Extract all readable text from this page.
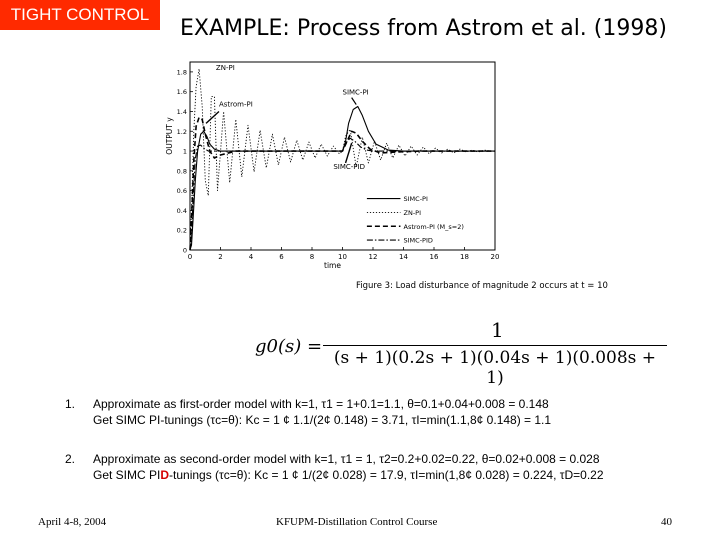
TIGHT CONTROL
EXAMPLE: Process from Astrom et al. (1998)
0	2	4	6	8	10	12	14	16	18	20
0
0.2
0.4
0.6
0.8
1
1.2
1.4
1.6
1.8
time
OUTPUT y
ZN-PI
Astrom-PI
SIMC-PI
SIMC-PID
SIMC-PI
ZN-PI
Astrom-PI (M_s=2)
SIMC-PID
Figure 3: Load disturbance of magnitude 2 occurs at t = 10
g0(s) =
1
(s + 1)(0.2s + 1)(0.04s + 1)(0.008s + 1)
1. Approximate as first-order model with k=1, τ1 = 1+0.1=1.1, θ=0.1+0.04+0.008 = 0.148
Get SIMC PI-tunings (τc=θ): Kc = 1 ¢ 1.1/(2¢ 0.148) = 3.71, τI=min(1.1,8¢ 0.148) = 1.1
2. Approximate as second-order model with k=1, τ1 = 1, τ2=0.2+0.02=0.22, θ=0.02+0.008 = 0.028
Get SIMC PID-tunings (τc=θ): Kc = 1 ¢ 1/(2¢ 0.028) = 17.9, τI=min(1,8¢ 0.028) = 0.224, τD=0.22
April 4-8, 2004	KFUPM-Distillation Control Course	40
